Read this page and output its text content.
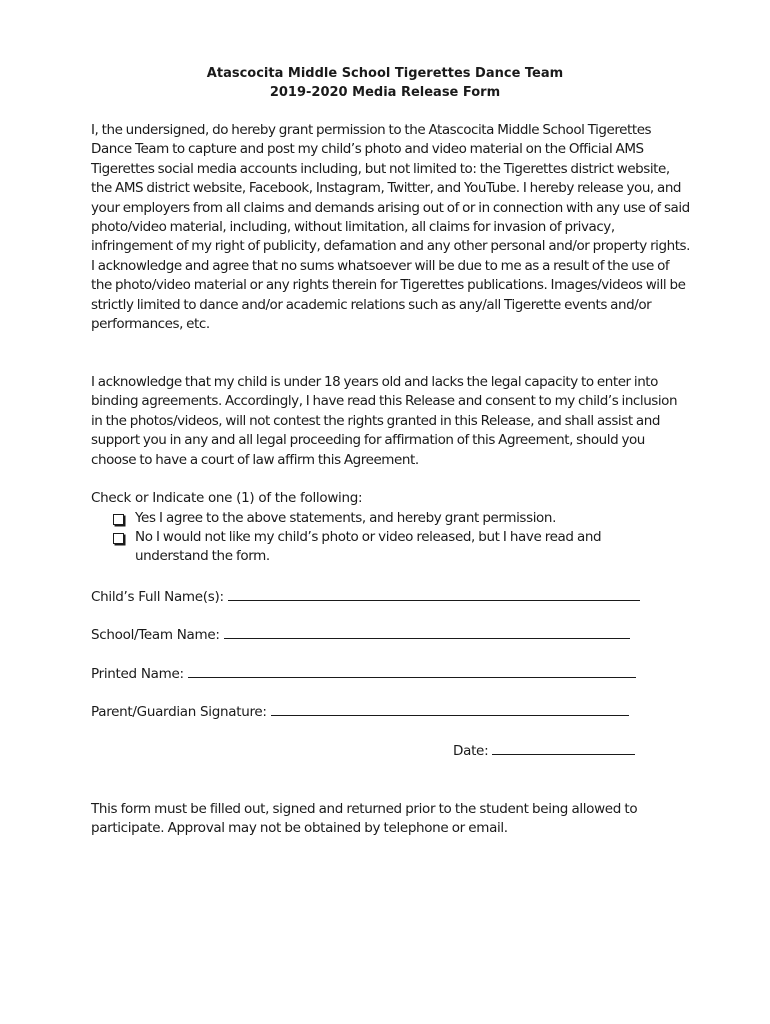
Atascocita Middle School Tigerettes Dance Team
2019-2020 Media Release Form

I, the undersigned, do hereby grant permission to the Atascocita Middle School Tigerettes Dance Team to capture and post my child’s photo and video material on the Official AMS Tigerettes social media accounts including, but not limited to: the Tigerettes district website, the AMS district website, Facebook, Instagram, Twitter, and YouTube. I hereby release you, and your employers from all claims and demands arising out of or in connection with any use of said photo/video material, including, without limitation, all claims for invasion of privacy, infringement of my right of publicity, defamation and any other personal and/or property rights. I acknowledge and agree that no sums whatsoever will be due to me as a result of the use of the photo/video material or any rights therein for Tigerettes publications. Images/videos will be strictly limited to dance and/or academic relations such as any/all Tigerette events and/or performances, etc.

I acknowledge that my child is under 18 years old and lacks the legal capacity to enter into binding agreements. Accordingly, I have read this Release and consent to my child’s inclusion in the photos/videos, will not contest the rights granted in this Release, and shall assist and support you in any and all legal proceeding for affirmation of this Agreement, should you choose to have a court of law affirm this Agreement.

Check or Indicate one (1) of the following:
Yes I agree to the above statements, and hereby grant permission.
No I would not like my child’s photo or video released, but I have read and understand the form.
Child’s Full Name(s):
School/Team Name:
Printed Name:
Parent/Guardian Signature:
Date:

This form must be filled out, signed and returned prior to the student being allowed to participate. Approval may not be obtained by telephone or email.
